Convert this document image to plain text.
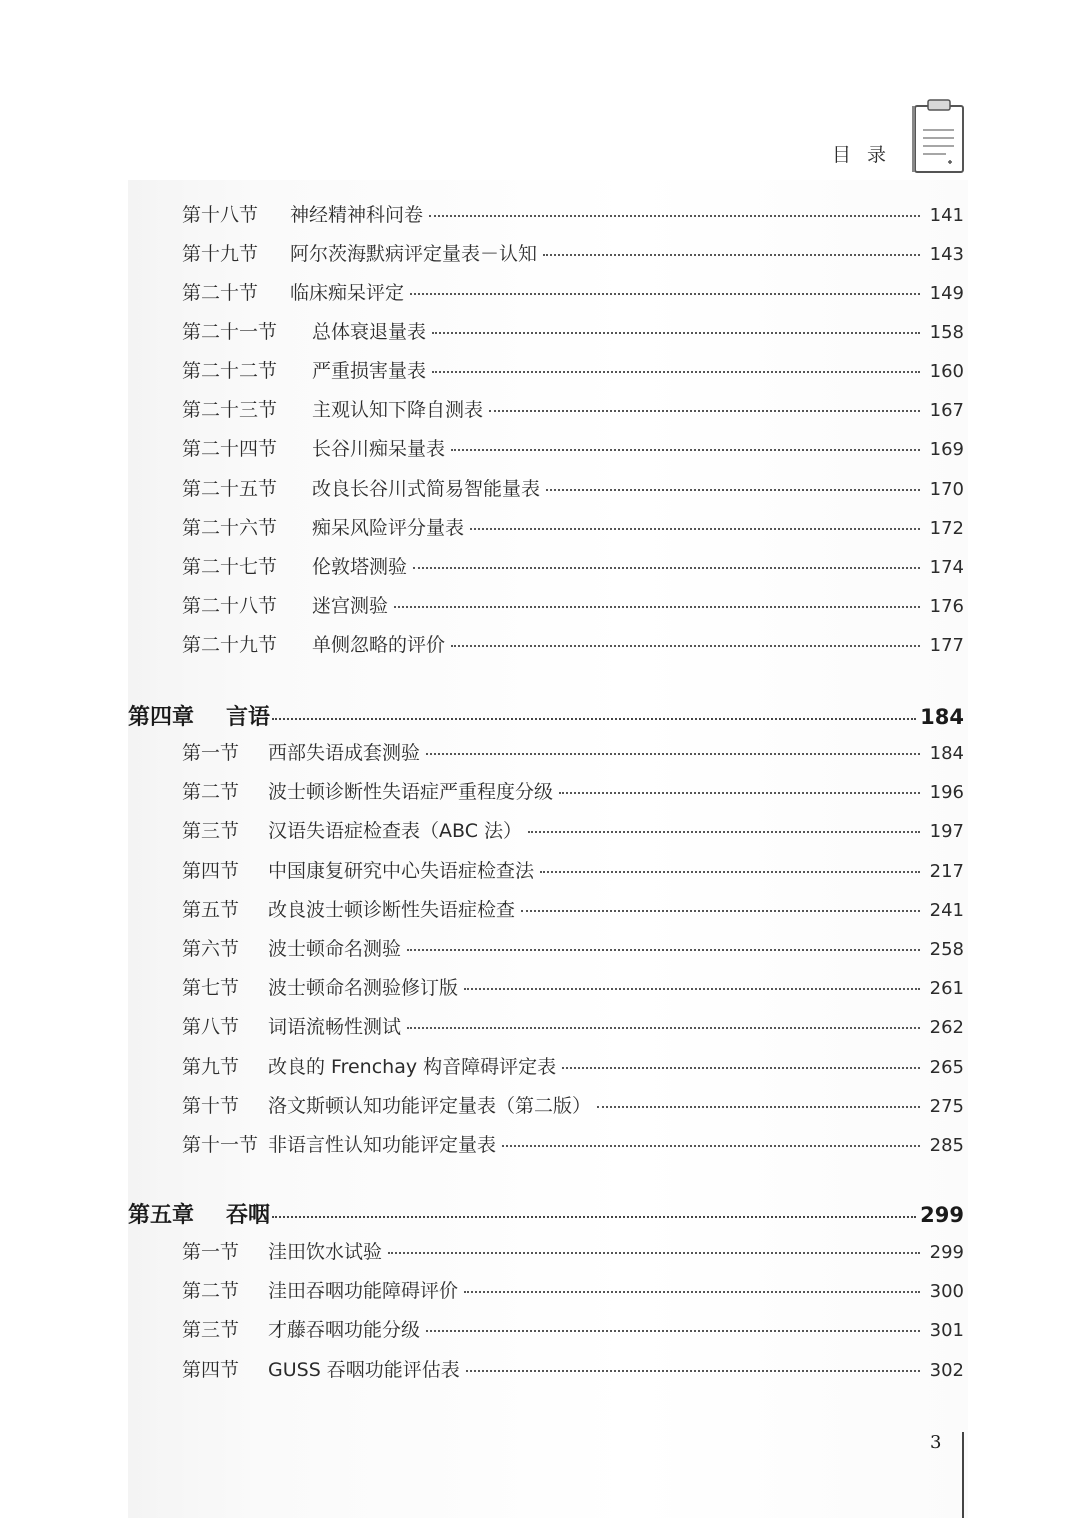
目录
第十八节	神经精神科问卷	141
第十九节	阿尔茨海默病评定量表－认知	143
第二十节	临床痴呆评定	149
第二十一节	总体衰退量表	158
第二十二节	严重损害量表	160
第二十三节	主观认知下降自测表	167
第二十四节	长谷川痴呆量表	169
第二十五节	改良长谷川式简易智能量表	170
第二十六节	痴呆风险评分量表	172
第二十七节	伦敦塔测验	174
第二十八节	迷宫测验	176
第二十九节	单侧忽略的评价	177
第四章	言语	184
第一节	西部失语成套测验	184
第二节	波士顿诊断性失语症严重程度分级	196
第三节	汉语失语症检查表（ABC 法）	197
第四节	中国康复研究中心失语症检查法	217
第五节	改良波士顿诊断性失语症检查	241
第六节	波士顿命名测验	258
第七节	波士顿命名测验修订版	261
第八节	词语流畅性测试	262
第九节	改良的 Frenchay 构音障碍评定表	265
第十节	洛文斯顿认知功能评定量表（第二版）	275
第十一节 非语言性认知功能评定量表	285
第五章	吞咽	299
第一节	洼田饮水试验	299
第二节	洼田吞咽功能障碍评价	300
第三节	才藤吞咽功能分级	301
第四节	GUSS 吞咽功能评估表	302
3
